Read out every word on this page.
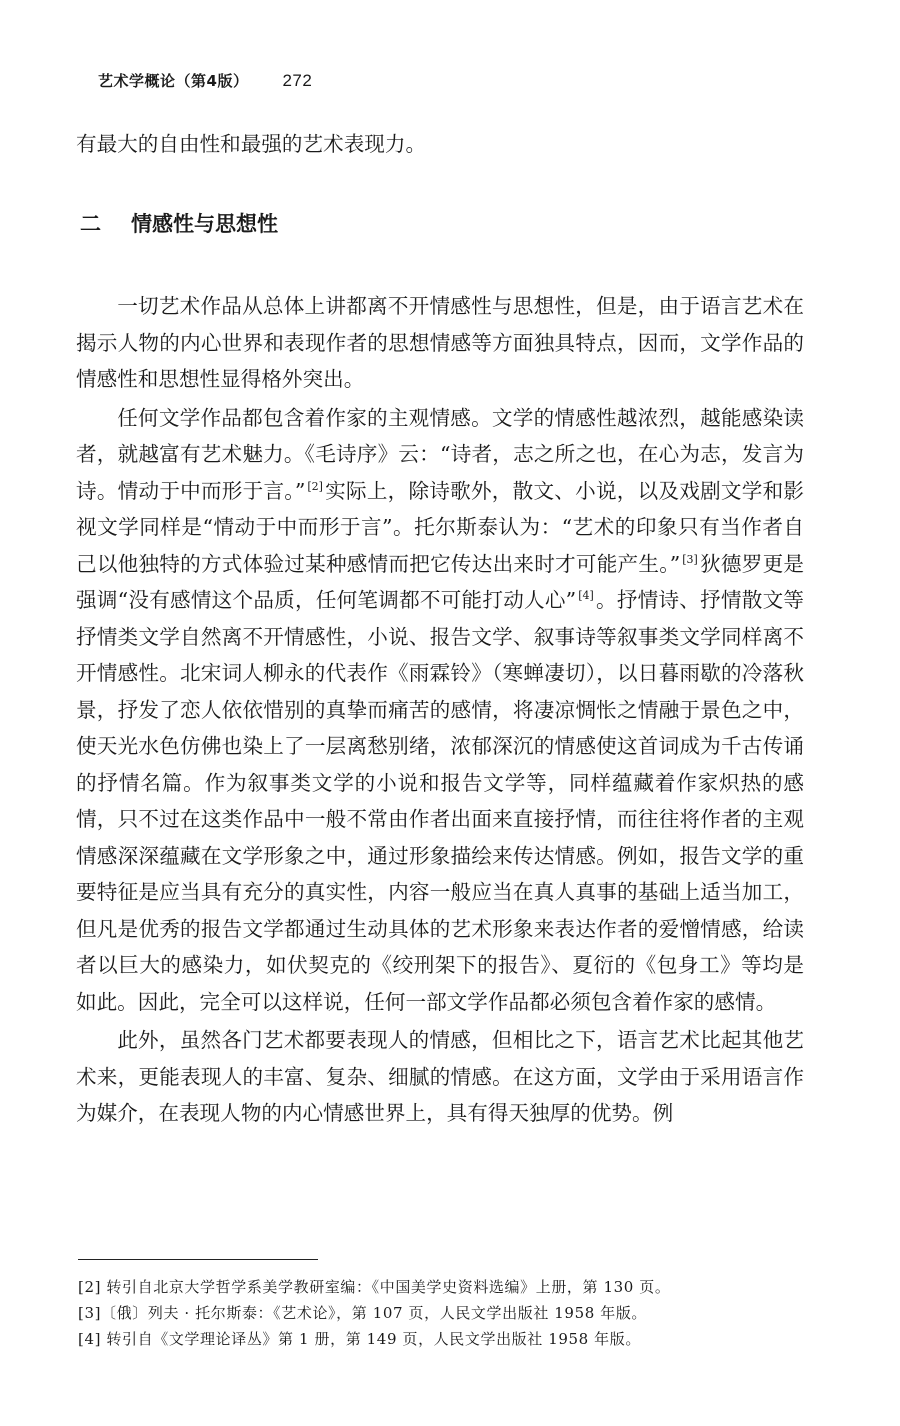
艺术学概论（第4版） 272

有最大的自由性和最强的艺术表现力。

二 情感性与思想性

一切艺术作品从总体上讲都离不开情感性与思想性，但是，由于语言艺术在揭示人物的内心世界和表现作者的思想情感等方面独具特点，因而，文学作品的情感性和思想性显得格外突出。

任何文学作品都包含着作家的主观情感。文学的情感性越浓烈，越能感染读者，就越富有艺术魅力。《毛诗序》云：“诗者，志之所之也，在心为志，发言为诗。情动于中而形于言。” [2]实际上，除诗歌外，散文、小说，以及戏剧文学和影视文学同样是“情动于中而形于言”。托尔斯泰认为：“艺术的印象只有当作者自己以他独特的方式体验过某种感情而把它传达出来时才可能产生。” [3]狄德罗更是强调“没有感情这个品质，任何笔调都不可能打动人心” [4]。抒情诗、抒情散文等抒情类文学自然离不开情感性，小说、报告文学、叙事诗等叙事类文学同样离不开情感性。北宋词人柳永的代表作《雨霖铃》（寒蝉凄切），以日暮雨歇的冷落秋景，抒发了恋人依依惜别的真挚而痛苦的感情，将凄凉惆怅之情融于景色之中，使天光水色仿佛也染上了一层离愁别绪，浓郁深沉的情感使这首词成为千古传诵的抒情名篇。作为叙事类文学的小说和报告文学等，同样蕴藏着作家炽热的感情，只不过在这类作品中一般不常由作者出面来直接抒情，而往往将作者的主观情感深深蕴藏在文学形象之中，通过形象描绘来传达情感。例如，报告文学的重要特征是应当具有充分的真实性，内容一般应当在真人真事的基础上适当加工，但凡是优秀的报告文学都通过生动具体的艺术形象来表达作者的爱憎情感，给读者以巨大的感染力，如伏契克的《绞刑架下的报告》、夏衍的《包身工》等均是如此。因此，完全可以这样说，任何一部文学作品都必须包含着作家的感情。

此外，虽然各门艺术都要表现人的情感，但相比之下，语言艺术比起其他艺术来，更能表现人的丰富、复杂、细腻的情感。在这方面，文学由于采用语言作为媒介，在表现人物的内心情感世界上，具有得天独厚的优势。例

[2] 转引自北京大学哲学系美学教研室编：《中国美学史资料选编》上册，第 130 页。
[3]〔俄〕列夫 · 托尔斯泰：《艺术论》，第 107 页，人民文学出版社 1958 年版。
[4] 转引自《文学理论译丛》第 1 册，第 149 页，人民文学出版社 1958 年版。
